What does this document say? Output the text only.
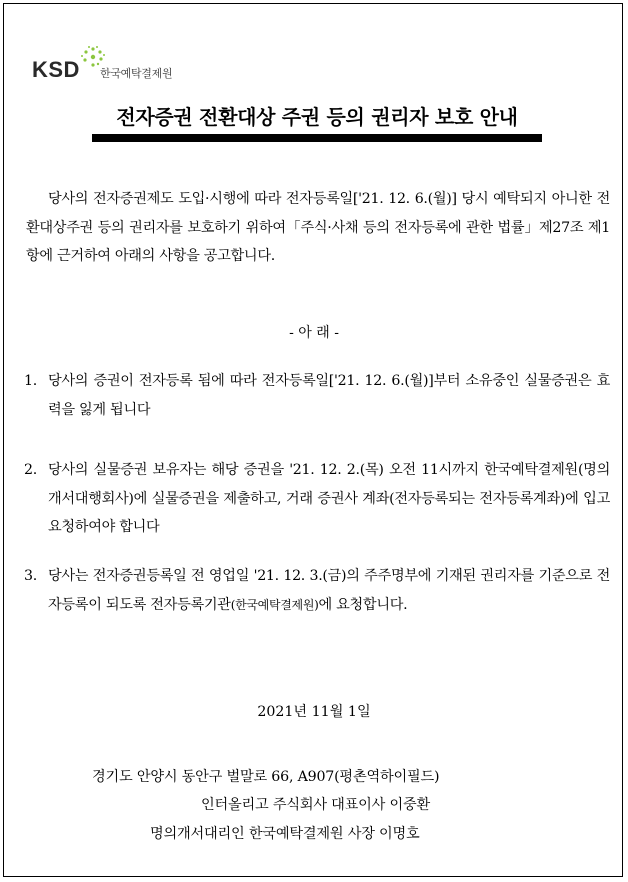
KSD 한국예탁결제원
전자증권 전환대상 주권 등의 권리자 보호 안내
당사의 전자증권제도 도입·시행에 따라 전자등록일['21. 12. 6.(월)] 당시 예탁되지 아니한 전환대상주권 등의 권리자를 보호하기 위하여「주식·사채 등의 전자등록에 관한 법률」제27조 제1항에 근거하여 아래의 사항을 공고합니다.
- 아 래 -
1. 당사의 증권이 전자등록 됨에 따라 전자등록일['21. 12. 6.(월)]부터 소유중인 실물증권은 효력을 잃게 됩니다
2. 당사의 실물증권 보유자는 해당 증권을 '21. 12. 2.(목) 오전 11시까지 한국예탁결제원(명의개서대행회사)에 실물증권을 제출하고, 거래 증권사 계좌(전자등록되는 전자등록계좌)에 입고 요청하여야 합니다
3. 당사는 전자증권등록일 전 영업일 '21. 12. 3.(금)의 주주명부에 기재된 권리자를 기준으로 전자등록이 되도록 전자등록기관(한국예탁결제원)에 요청합니다.
2021년 11월 1일
경기도 안양시 동안구 벌말로 66, A907(평촌역하이필드)
인터올리고 주식회사 대표이사 이중환
명의개서대리인 한국예탁결제원 사장 이명호
